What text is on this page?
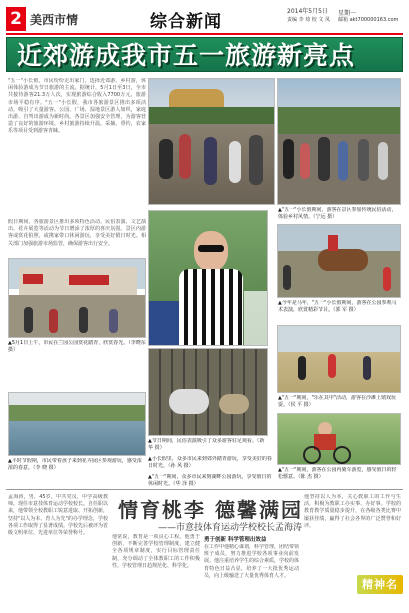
2 美西市情	综合新闻
2014年5月5日	星期一
责编 李 琦 校 文 凤 邮箱 akt700000163.com
近郊游成我市五一旅游新亮点
"五一"小长假，市民纷纷走出家门，选择近郊游、乡村游，休闲体验游成为节日旅游的主流。据统计，5月1日至3日，全市共接待游客21.3万人次，实现旅游综合收入7700万元，旅游市场平稳有序。"五一"小长假，我市各旅游景区推出多项活动，吸引了大量游客。公园、广场、湿地景区游人如织，家庭出游、自驾出游成为新时尚。各景区加强安全管理，为游客营造了良好的旅游环境。乡村旅游持续升温，采摘、垂钓、农家乐等项目受到游客青睐。
假日期间，各旅游景区推出多项特色活动。民俗表演、文艺演出、花卉展览等活动为节日增添了浓厚的喜庆氛围。景区内游客或赏花拍照，或携家带口休闲游玩，享受美好假日时光。相关部门加强旅游市场监管，确保游客出行安全。
▲"五一"小长假期间，游客在景区参加传统民俗活动，体验乡村风情。（宁远 摄）
▲今年是马年，"五一"小长假期间，游客在公园参观马术表演，欣赏精彩节目。（郭 军 摄）
▲5月1日上午，市民在兰园公园赏花踏青，欣赏春光。（李晓东 摄）
▲节日期间，民俗表演吸引了众多游客驻足观看。（新华 摄）
▲"五一"期间，"乐在其中"活动，游客在沙滩上嬉戏玩耍。（侯 平 摄）
▲平时节假期，市民带着孩子来到花卉展区参观游玩，感受浓浓的春意。（李 晓 摄）	▲"五一"期间，游客在公园内骑车游览，感受假日的轻松惬意。（陈 杰 摄）
▲小长假里，众多市民来到郊外踏青游玩，享受美好的春日时光。（孙 风 摄）
▲"五一"期间，众多市民来到湖畔公园游玩，享受假日的休闲时光。（华 泽 摄）
情育桃李 德馨满园
——市意技体育运动学校校长孟海涛
孟海涛，男，45岁，中共党员，中学高级教师。现任市意技体育运动学校校长。自任职以来，他带领全校教职工锐意进取、开拓创新，坚持"以人为本、育人为先"的办学理念，学校各项工作取得了显著成绩。学校先后被评为省级文明单位、先进单位等荣誉称号。
他常说，教育是一项良心工程。他勇于创新，不断完善学校管理制度，建立健全各项规章制度，实行目标管理责任制，充分调动了全体教职工的工作积极性。学校管理日趋规范化、科学化。
勇于创新 科学管理出效益
在工作中他精心谋划，科学管理，团结带领班子成员，努力推进学校各项事业向前发展。他注重培养学生的综合素质，学校的体育特色日益凸显，培养了一大批优秀运动员，向上级输送了大量优秀体育人才。
他坚持以人为本，关心教职工的工作与生活，积极为教职工办实事、办好事。学校的教育教学质量稳步提升，在各级各类比赛中屡获佳绩，赢得了社会各界的广泛赞誉和好评。
精神名片
